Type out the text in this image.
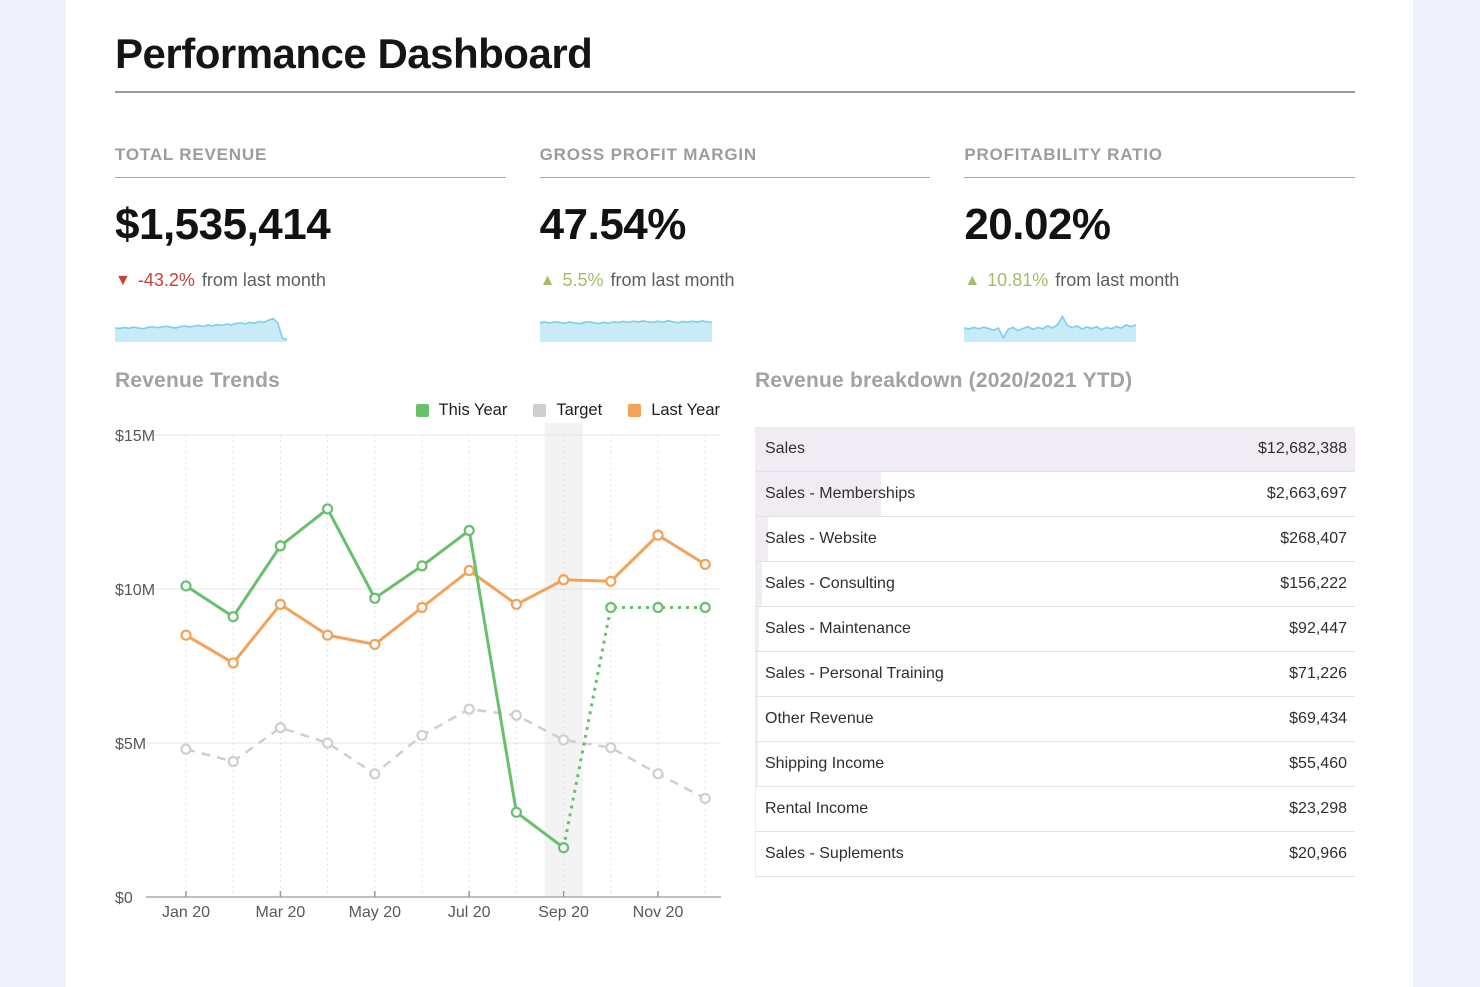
Performance Dashboard
TOTAL REVENUE
$1,535,414
▼ -43.2% from last month
GROSS PROFIT MARGIN
47.54%
▲ 5.5% from last month
PROFITABILITY RATIO
20.02%
▲ 10.81% from last month
Revenue Trends
This Year	Target	Last Year
Jan 20	Mar 20	May 20	Jul 20	Sep 20	Nov 20
$0
$5M
$10M
$15M
Revenue breakdown (2020/2021 YTD)
Sales	$12,682,388
Sales - Memberships	$2,663,697
Sales - Website	$268,407
Sales - Consulting	$156,222
Sales - Maintenance	$92,447
Sales - Personal Training	$71,226
Other Revenue	$69,434
Shipping Income	$55,460
Rental Income	$23,298
Sales - Suplements	$20,966
